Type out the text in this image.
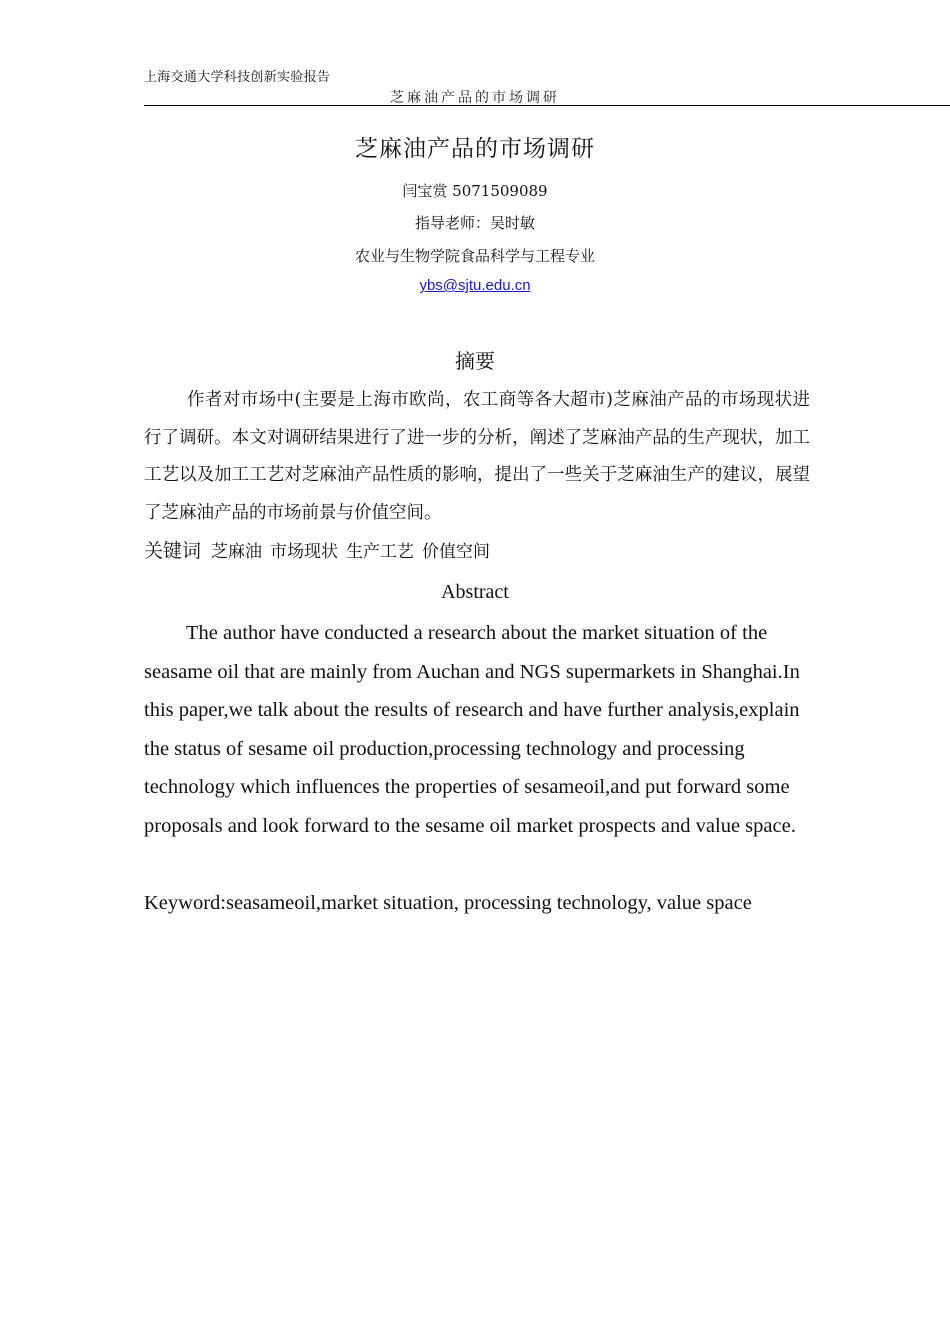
上海交通大学科技创新实验报告
芝麻油产品的市场调研
芝麻油产品的市场调研
闫宝赏 5071509089
指导老师：吴时敏
农业与生物学院食品科学与工程专业
ybs@sjtu.edu.cn
摘要

作者对市场中(主要是上海市欧尚，农工商等各大超市)芝麻油产品的市场现状进行了调研。本文对调研结果进行了进一步的分析，阐述了芝麻油产品的生产现状，加工工艺以及加工工艺对芝麻油产品性质的影响，提出了一些关于芝麻油生产的建议，展望了芝麻油产品的市场前景与价值空间。

关键词 芝麻油 市场现状 生产工艺 价值空间
Abstract

The author have conducted a research about the market situation of the seasame oil that are mainly from Auchan and NGS supermarkets in Shanghai.In this paper,we talk about the results of research and have further analysis,explain the status of sesame oil production,processing technology and processing technology which influences the properties of sesameoil,and put forward some proposals and look forward to the sesame oil market prospects and value space.

Keyword:seasameoil,market situation, processing technology, value space
